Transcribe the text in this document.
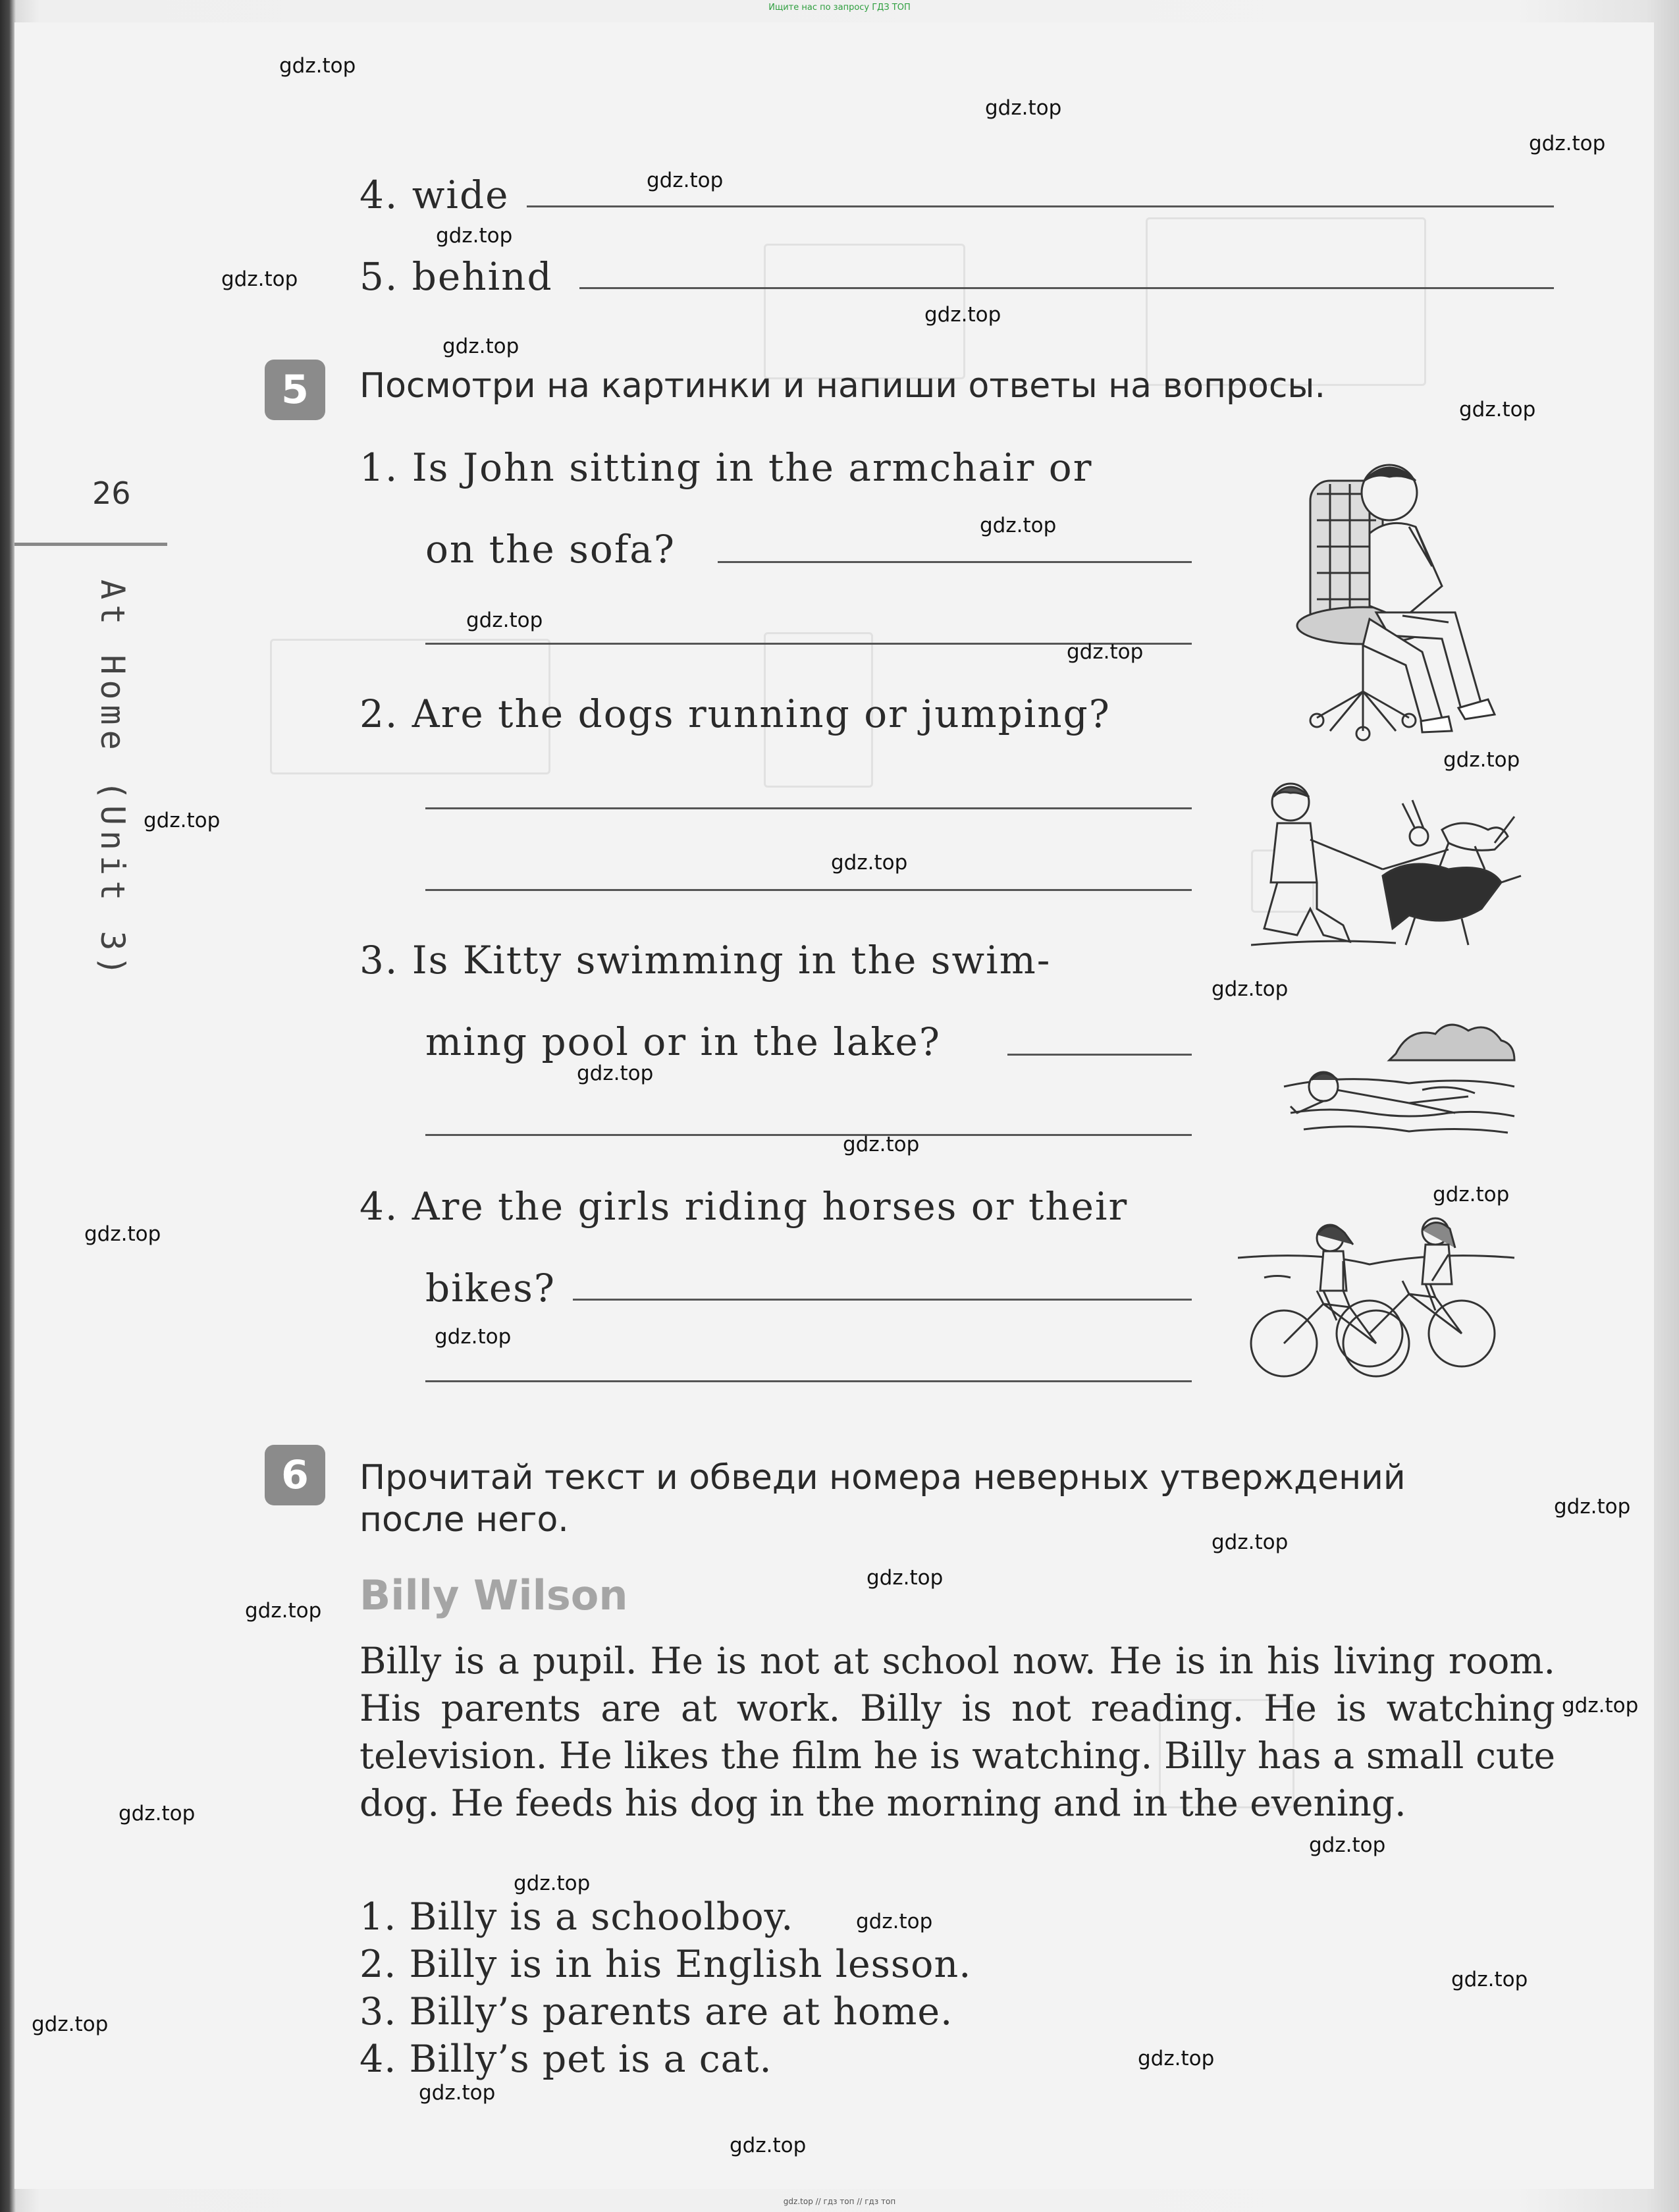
Ищите нас по запросу ГДЗ ТОП
26
At Home (Unit 3)
4. wide
5. behind
5	Посмотри на картинки и напиши ответы на вопросы.
1. Is John sitting in the armchair or
on the sofa?
2. Are the dogs running or jumping?
3. Is Kitty swimming in the swim-
ming pool or in the lake?
4. Are the girls riding horses or their
bikes?
6	Прочитай текст и обведи номера неверных утверждений
после него.
Billy Wilson
Billy is a pupil. He is not at school now. He is in his living room. His parents are at work. Billy is not reading. He is watching television. He likes the film he is watching. Billy has a small cute dog. He feeds his dog in the morning and in the evening.
1. Billy is a schoolboy.
2. Billy is in his English lesson.
3. Billy’s parents are at home.
4. Billy’s pet is a cat.
gdz.top
gdz.top
gdz.top
gdz.top
gdz.top
gdz.top
gdz.top
gdz.top
gdz.top
gdz.top
gdz.top
gdz.top
gdz.top
gdz.top
gdz.top
gdz.top
gdz.top
gdz.top
gdz.top
gdz.top
gdz.top
gdz.top
gdz.top
gdz.top
gdz.top
gdz.top
gdz.top
gdz.top
gdz.top
gdz.top
gdz.top
gdz.top
gdz.top
gdz.top
gdz.top
gdz.top // гдз топ // гдз топ
